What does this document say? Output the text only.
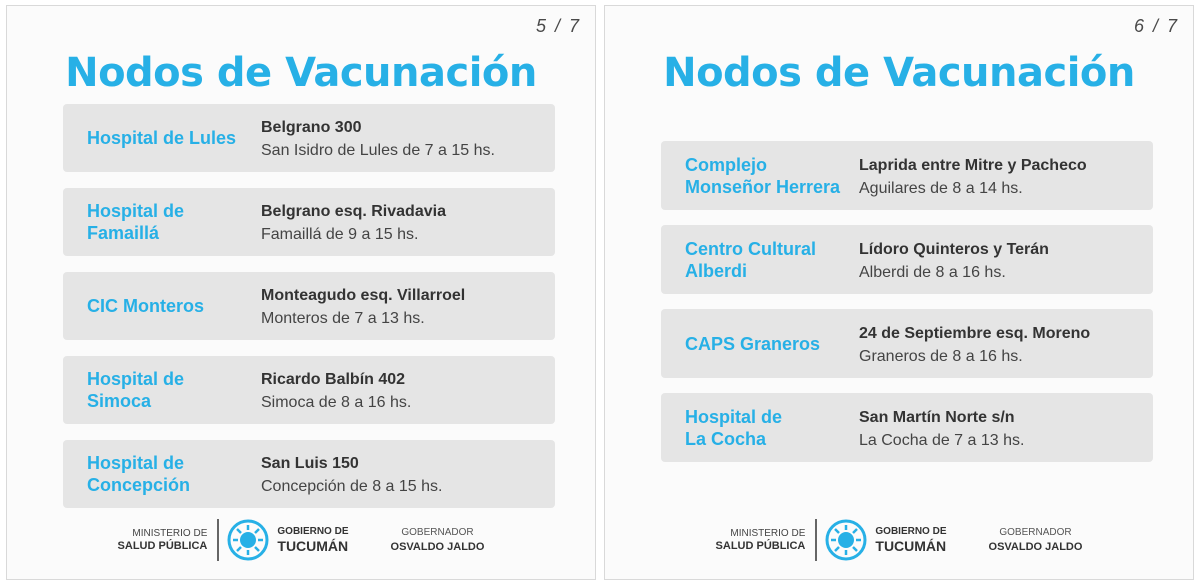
5 / 7
Nodos de Vacunación
Hospital de Lules
Belgrano 300
San Isidro de Lules de 7 a 15 hs.
Hospital de
Famaillá
Belgrano esq. Rivadavia
Famaillá de 9 a 15 hs.
CIC Monteros
Monteagudo esq. Villarroel
Monteros de 7 a 13 hs.
Hospital de
Simoca
Ricardo Balbín 402
Simoca de 8 a 16 hs.
Hospital de
Concepción
San Luis 150
Concepción de 8 a 15 hs.
MINISTERIO DE
SALUD PÚBLICA
GOBIERNO DE
TUCUMÁN
GOBERNADOR
OSVALDO JALDO
6 / 7
Nodos de Vacunación
Complejo
Monseñor Herrera
Laprida entre Mitre y Pacheco
Aguilares de 8 a 14 hs.
Centro Cultural
Alberdi
Lídoro Quinteros y Terán
Alberdi de 8 a 16 hs.
CAPS Graneros
24 de Septiembre esq. Moreno
Graneros de 8 a 16 hs.
Hospital de
La Cocha
San Martín Norte s/n
La Cocha de 7 a 13 hs.
MINISTERIO DE
SALUD PÚBLICA
GOBIERNO DE
TUCUMÁN
GOBERNADOR
OSVALDO JALDO
